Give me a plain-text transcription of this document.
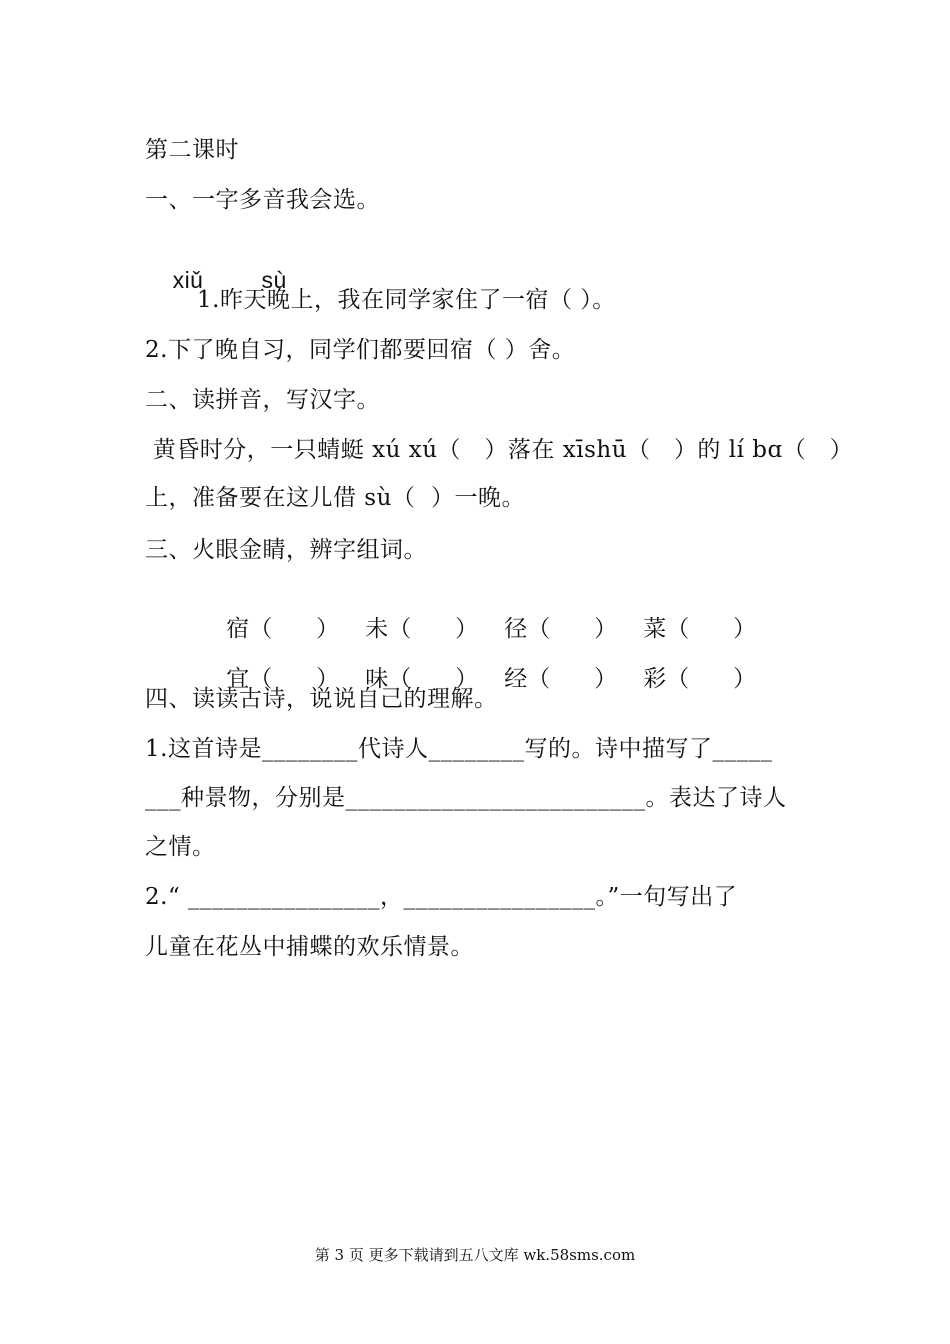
第二课时
一、一字多音我会选。

xiǔ	sù

1.昨天晚上，我在同学家住了一宿（ ）。
2.下了晚自习，同学们都要回宿（ ）舍。
二、读拼音，写汉字。
黄昏时分，一只蜻蜓 xú xú（   ）落在 xīshū（   ）的 lí bɑ（   ）
上，准备要在这儿借 sù（  ）一晚。
三、火眼金睛，辨字组词。

宿（      ） 未（      ） 径（      ） 菜（      ）

宜（      ） 味（      ） 经（      ） 彩（      ）

四、读读古诗，说说自己的理解。
1.这首诗是________代诗人________写的。诗中描写了_____
___种景物，分别是_________________________。表达了诗人
之情。
2.“ ________________，________________。”一句写出了
儿童在花丛中捕蝶的欢乐情景。
第 3 页 更多下载请到五八文库 wk.58sms.com
